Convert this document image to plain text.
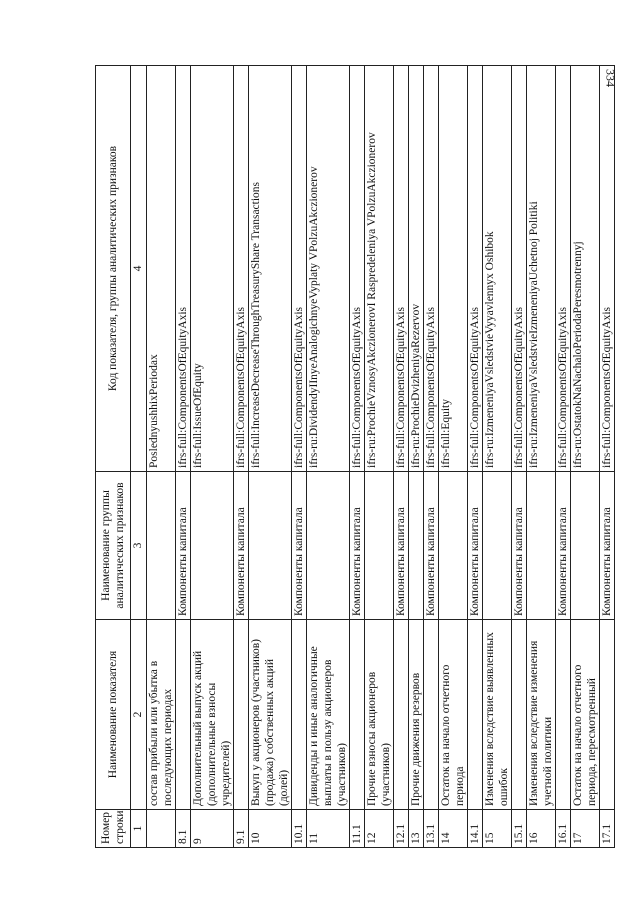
334
Номер строки	Наименование показателя	Наименование группы аналитических признаков	Код показателя, группы аналитических признаков
1	2	3	4
	состав прибыли или убытка в последующих периодах		PoslednyushhixPeriodax
8.1		Компоненты капитала	ifrs-full:ComponentsOfEquityAxis
9	Дополнительный выпуск акций (дополнительные взносы учредителей)		ifrs-full:IssueOfEquity
9.1		Компоненты капитала	ifrs-full:ComponentsOfEquityAxis
10	Выкуп у акционеров (участников) (продажа) собственных акций (долей)		ifrs-full:IncreaseDecreaseThroughTreasuryShare Transactions
10.1		Компоненты капитала	ifrs-full:ComponentsOfEquityAxis
11	Дивиденды и иные аналогичные выплаты в пользу акционеров (участников)		ifrs-ru:DividendyIInyeAnalogichnyeVyplaty VPolzuAkczionerov
11.1		Компоненты капитала	ifrs-full:ComponentsOfEquityAxis
12	Прочие взносы акционеров (участников)		ifrs-ru:ProchieVznosyAkczionerovI Raspredeleniya VPolzuAkczionerov
12.1		Компоненты капитала	ifrs-full:ComponentsOfEquityAxis
13	Прочие движения резервов		ifrs-ru:ProchieDvizheniyaRezervov
13.1		Компоненты капитала	ifrs-full:ComponentsOfEquityAxis
14	Остаток на начало отчетного периода		ifrs-full:Equity
14.1		Компоненты капитала	ifrs-full:ComponentsOfEquityAxis
15	Изменения вследствие выявленных ошибок		ifrs-ru:IzmeneniyaVsledstvieVyyavlennyx Oshibok
15.1		Компоненты капитала	ifrs-full:ComponentsOfEquityAxis
16	Изменения вследствие изменения учетной политики		ifrs-ru:IzmeneniyaVsledstvieIzmeneniyaUchetnoj Politiki
16.1		Компоненты капитала	ifrs-full:ComponentsOfEquityAxis
17	Остаток на начало отчетного периода, пересмотренный		ifrs-ru:OstatokNaNachaloPeriodaPeresmotrennyj
17.1		Компоненты капитала	ifrs-full:ComponentsOfEquityAxis
